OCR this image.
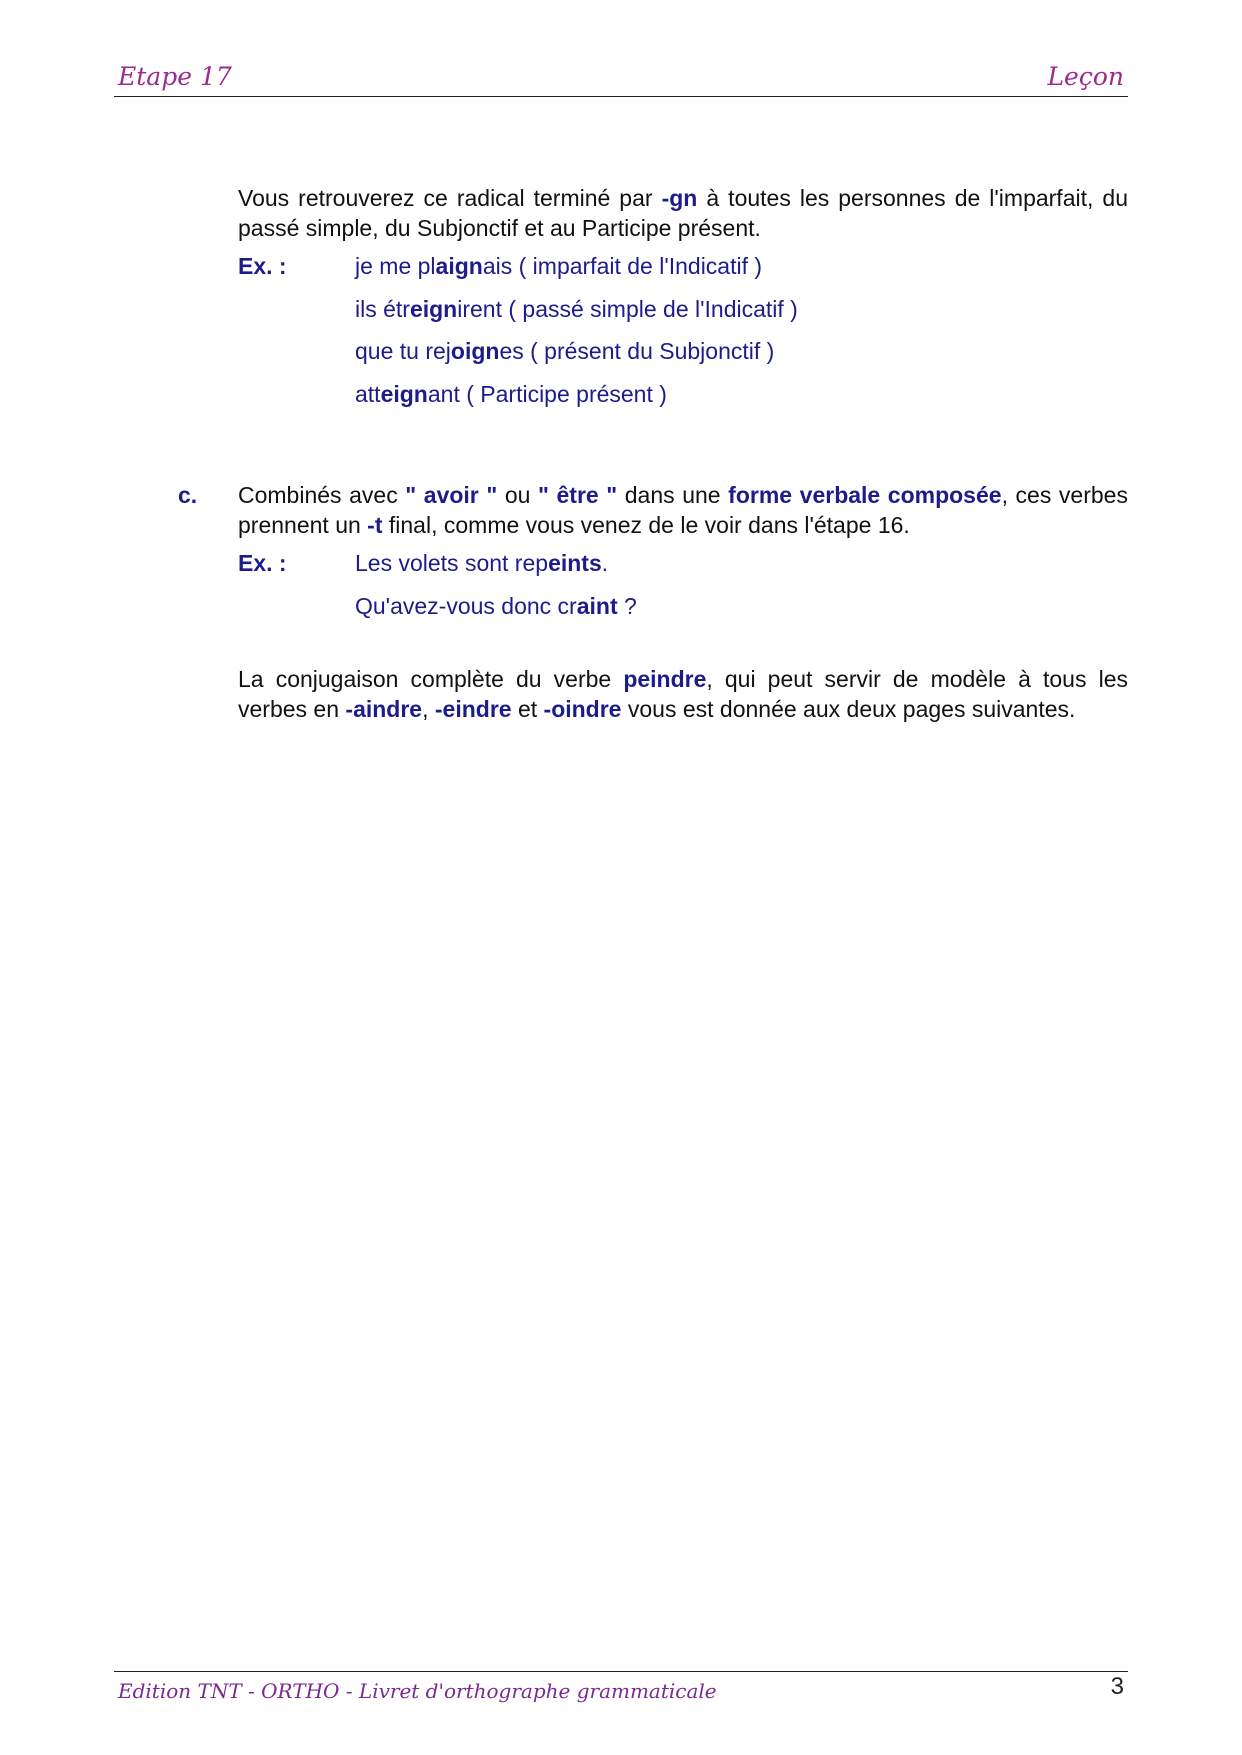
Etape 17	Leçon
Vous retrouverez ce radical terminé par -gn à toutes les personnes de l'imparfait, du passé simple, du Subjonctif et au Participe présent.
Ex. :	je me plaignais ( imparfait de l'Indicatif )
ils étreignirent ( passé simple de l'Indicatif )
que tu rejoignes ( présent du Subjonctif )
atteignant ( Participe présent )
c. Combinés avec " avoir " ou " être " dans une forme verbale composée, ces verbes prennent un -t final, comme vous venez de le voir dans l'étape 16.
Ex. :	Les volets sont repeints.
Qu'avez-vous donc craint ?
La conjugaison complète du verbe peindre, qui peut servir de modèle à tous les verbes en -aindre, -eindre et -oindre vous est donnée aux deux pages suivantes.
Edition TNT - ORTHO - Livret d'orthographe grammaticale	3
